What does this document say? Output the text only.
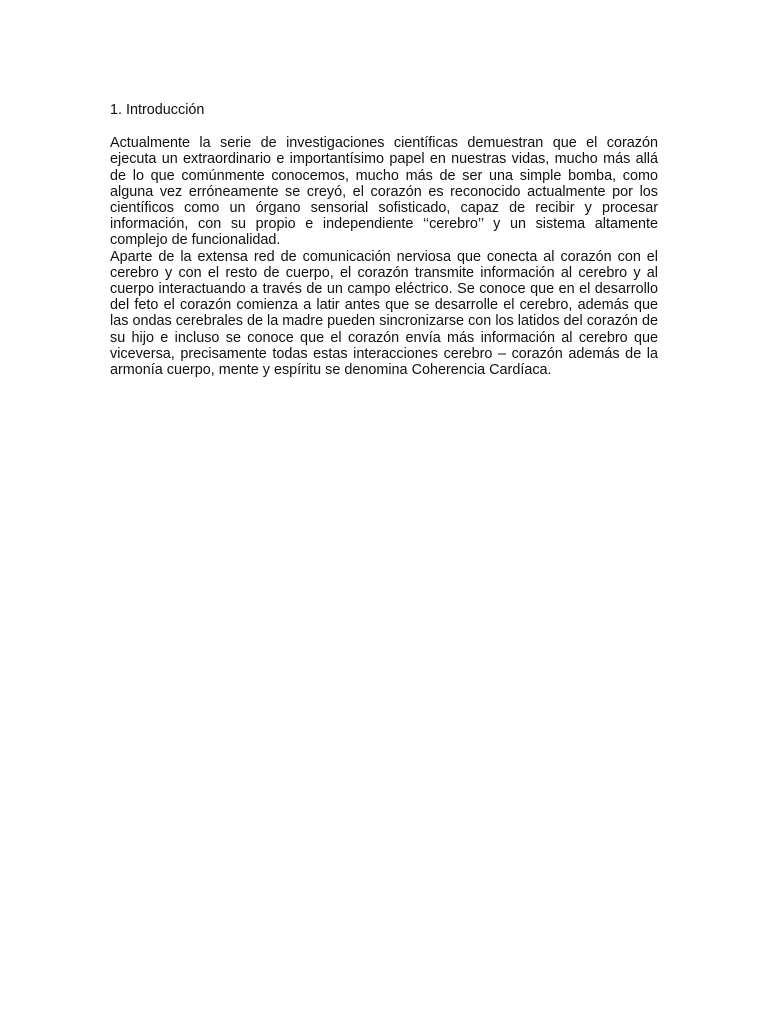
1. Introducción

Actualmente la serie de investigaciones científicas demuestran que el corazón ejecuta un extraordinario e importantísimo papel en nuestras vidas, mucho más allá de lo que comúnmente conocemos, mucho más de ser una simple bomba, como alguna vez erróneamente se creyó, el corazón es reconocido actualmente por los científicos como un órgano sensorial sofisticado, capaz de recibir y procesar información, con su propio e independiente ‘‘cerebro’’ y un sistema altamente complejo de funcionalidad.

Aparte de la extensa red de comunicación nerviosa que conecta al corazón con el cerebro y con el resto de cuerpo, el corazón transmite información al cerebro y al cuerpo interactuando a través de un campo eléctrico. Se conoce que en el desarrollo del feto el corazón comienza a latir antes que se desarrolle el cerebro, además que las ondas cerebrales de la madre pueden sincronizarse con los latidos del corazón de su hijo e incluso se conoce que el corazón envía más información al cerebro que viceversa, precisamente todas estas interacciones cerebro – corazón además de la armonía cuerpo, mente y espíritu se denomina Coherencia Cardíaca.
